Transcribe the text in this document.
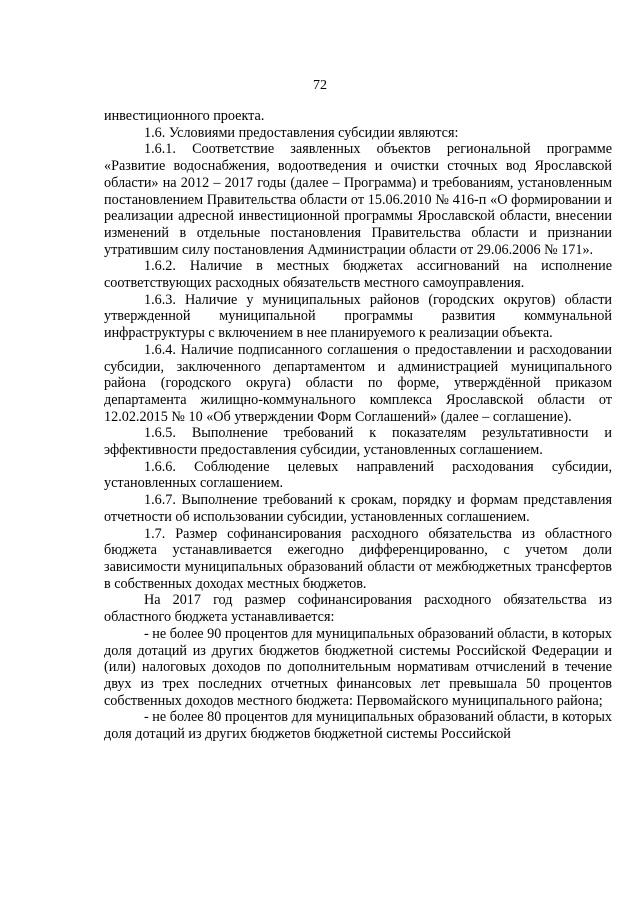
72

инвестиционного проекта.

1.6. Условиями предоставления субсидии являются:

1.6.1. Соответствие заявленных объектов региональной программе «Развитие водоснабжения, водоотведения и очистки сточных вод Ярославской области» на 2012 – 2017 годы (далее – Программа) и требованиям, установленным постановлением Правительства области от 15.06.2010 № 416-п «О формировании и реализации адресной инвестиционной программы Ярославской области, внесении изменений в отдельные постановления Правительства области и признании утратившим силу постановления Администрации области от 29.06.2006 № 171».

1.6.2. Наличие в местных бюджетах ассигнований на исполнение соответствующих расходных обязательств местного самоуправления.

1.6.3. Наличие у муниципальных районов (городских округов) области утвержденной муниципальной программы развития коммунальной инфраструктуры с включением в нее планируемого к реализации объекта.

1.6.4. Наличие подписанного соглашения о предоставлении и расходовании субсидии, заключенного департаментом и администрацией муниципального района (городского округа) области по форме, утверждённой приказом департамента жилищно-коммунального комплекса Ярославской области от 12.02.2015 № 10 «Об утверждении Форм Соглашений» (далее – соглашение).

1.6.5. Выполнение требований к показателям результативности и эффективности предоставления субсидии, установленных соглашением.

1.6.6. Соблюдение целевых направлений расходования субсидии, установленных соглашением.

1.6.7. Выполнение требований к срокам, порядку и формам представления отчетности об использовании субсидии, установленных соглашением.

1.7. Размер софинансирования расходного обязательства из областного бюджета устанавливается ежегодно дифференцированно, с учетом доли зависимости муниципальных образований области от межбюджетных трансфертов в собственных доходах местных бюджетов.

На 2017 год размер софинансирования расходного обязательства из областного бюджета устанавливается:

- не более 90 процентов для муниципальных образований области, в которых доля дотаций из других бюджетов бюджетной системы Российской Федерации и (или) налоговых доходов по дополнительным нормативам отчислений в течение двух из трех последних отчетных финансовых лет превышала 50 процентов собственных доходов местного бюджета: Первомайского муниципального района;

- не более 80 процентов для муниципальных образований области, в которых доля дотаций из других бюджетов бюджетной системы Российской
